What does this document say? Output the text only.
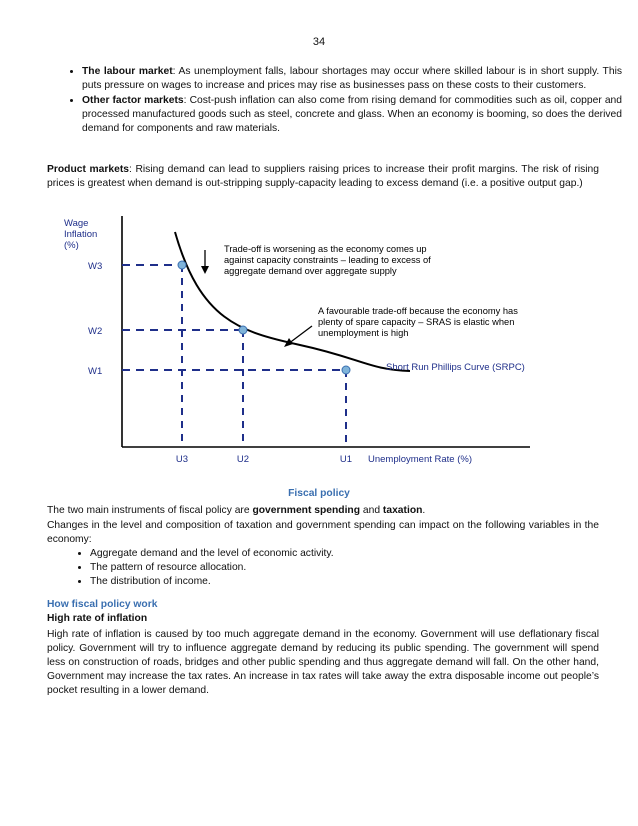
34
• The labour market: As unemployment falls, labour shortages may occur where skilled labour is in short supply. This puts pressure on wages to increase and prices may rise as businesses pass on these costs to their customers.
• Other factor markets: Cost-push inflation can also come from rising demand for commodities such as oil, copper and processed manufactured goods such as steel, concrete and glass. When an economy is booming, so does the derived demand for components and raw materials.

Product markets: Rising demand can lead to suppliers raising prices to increase their profit margins. The risk of rising prices is greatest when demand is out-stripping supply-capacity leading to excess demand (i.e. a positive output gap.)

Wage
Inflation
(%)
W3
W2
W1
U3	U2	U1 Unemployment Rate (%)
Short Run Phillips Curve (SRPC)
Trade-off is worsening as the economy comes up
against capacity constraints – leading to excess of
aggregate demand over aggregate supply
A favourable trade-off because the economy has
plenty of spare capacity – SRAS is elastic when
unemployment is high
Fiscal policy

The two main instruments of fiscal policy are government spending and taxation.

Changes in the level and composition of taxation and government spending can impact on the following variables in the economy:

• Aggregate demand and the level of economic activity.
• The pattern of resource allocation.
• The distribution of income.
How fiscal policy work
High rate of inflation

High rate of inflation is caused by too much aggregate demand in the economy. Government will use deflationary fiscal policy. Government will try to influence aggregate demand by reducing its public spending. The government will spend less on construction of roads, bridges and other public spending and thus aggregate demand will fall. On the other hand, Government may increase the tax rates. An increase in tax rates will take away the extra disposable income out people’s pocket resulting in a lower demand.
